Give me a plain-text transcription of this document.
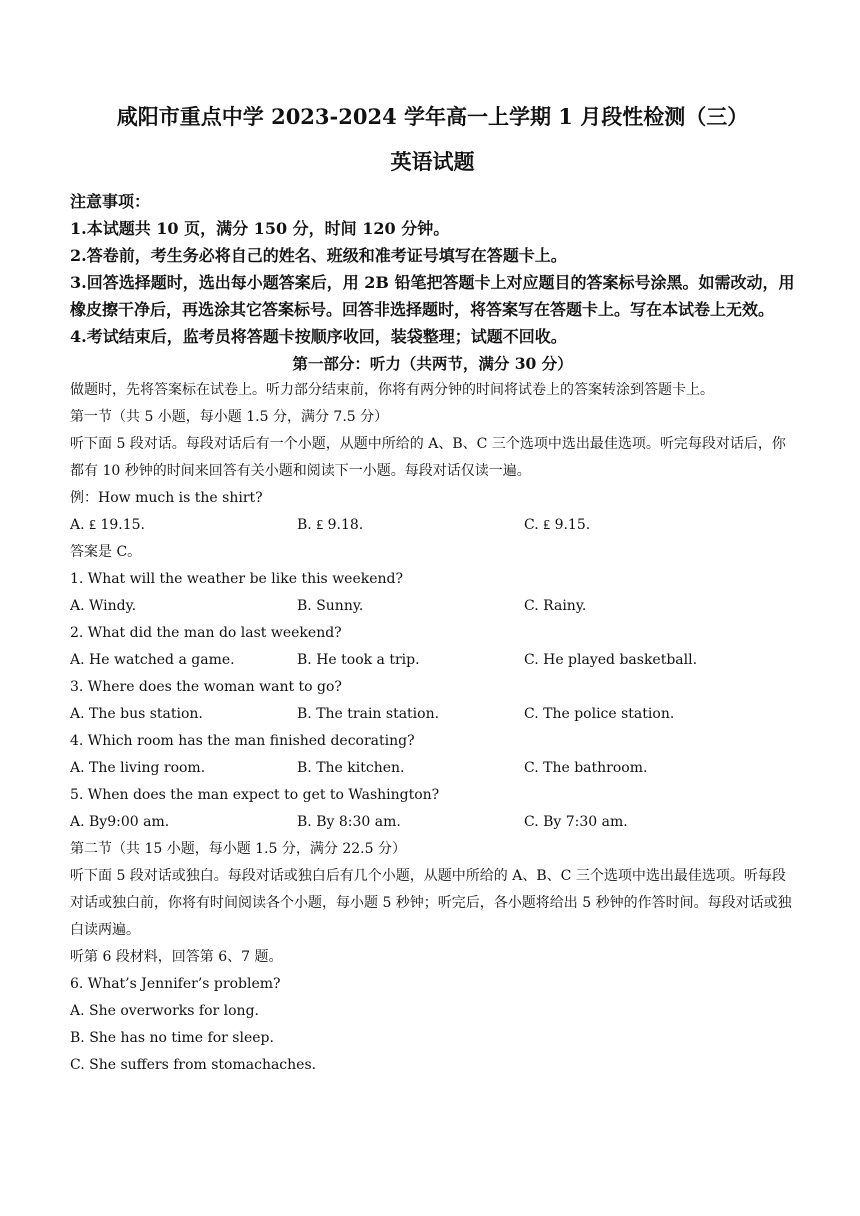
咸阳市重点中学 2023-2024 学年高一上学期 1 月段性检测（三）
英语试题

注意事项：

1.本试题共 10 页，满分 150 分，时间 120 分钟。

2.答卷前，考生务必将自己的姓名、班级和准考证号填写在答题卡上。

3.回答选择题时，选出每小题答案后，用 2B 铅笔把答题卡上对应题目的答案标号涂黑。如需改动，用橡皮擦干净后，再选涂其它答案标号。回答非选择题时，将答案写在答题卡上。写在本试卷上无效。

4.考试结束后，监考员将答题卡按顺序收回，装袋整理；试题不回收。

第一部分：听力（共两节，满分 30 分）

做题时，先将答案标在试卷上。听力部分结束前，你将有两分钟的时间将试卷上的答案转涂到答题卡上。

第一节（共 5 小题，每小题 1.5 分，满分 7.5 分）

听下面 5 段对话。每段对话后有一个小题，从题中所给的 A、B、C 三个选项中选出最佳选项。听完每段对话后，你都有 10 秒钟的时间来回答有关小题和阅读下一小题。每段对话仅读一遍。

例：How much is the shirt?

A. ₤ 19.15.	B. ₤ 9.18.	C. ₤ 9.15.

答案是 C。

1. What will the weather be like this weekend?

A. Windy.	B. Sunny.	C. Rainy.

2. What did the man do last weekend?

A. He watched a game.	B. He took a trip.	C. He played basketball.

3. Where does the woman want to go?

A. The bus station.	B. The train station.	C. The police station.

4. Which room has the man finished decorating?

A. The living room.	B. The kitchen.	C. The bathroom.

5. When does the man expect to get to Washington?

A. By9:00 am.	B. By 8:30 am.	C. By 7:30 am.

第二节（共 15 小题，每小题 1.5 分，满分 22.5 分）

听下面 5 段对话或独白。每段对话或独白后有几个小题，从题中所给的 A、B、C 三个选项中选出最佳选项。听每段对话或独白前，你将有时间阅读各个小题，每小题 5 秒钟；听完后，各小题将给出 5 秒钟的作答时间。每段对话或独白读两遍。

听第 6 段材料，回答第 6、7 题。

6. What’s Jennifer’s problem?

A. She overworks for long.

B. She has no time for sleep.

C. She suffers from stomachaches.
